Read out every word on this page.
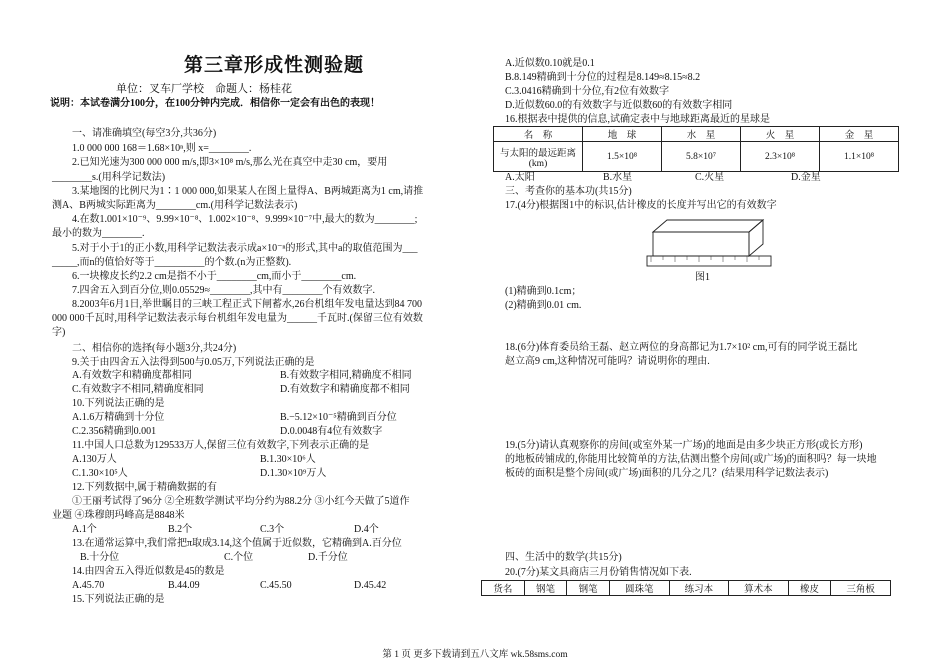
第三章形成性测验题
单位：叉车厂学校　命题人：杨桂花
说明：本试卷满分100分，在100分钟内完成．相信你一定会有出色的表现！
一、请准确填空(每空3分,共36分)
1.0 000 000 168＝1.68×10ⁿ,则 x=________.
2.已知光速为300 000 000 m/s,即3×10⁸ m/s,那么光在真空中走30 cm，要用
________s.(用科学记数法)
3.某地图的比例尺为1∶1 000 000,如果某人在图上量得A、B两城距离为1 cm,请推
测A、B两城实际距离为________cm.(用科学记数法表示)
4.在数1.001×10⁻⁹、9.99×10⁻⁸、1.002×10⁻⁸、9.999×10⁻⁷中,最大的数为________;
最小的数为________.
5.对于小于1的正小数,用科学记数法表示成a×10⁻ⁿ的形式,其中a的取值范围为___
_____,而n的值恰好等于__________的个数.(n为正整数).
6.一块橡皮长约2.2 cm是指不小于________cm,而小于________cm.
7.四舍五入到百分位,则0.05529≈________,其中有________个有效数字.
8.2003年6月1日,举世瞩目的三峡工程正式下闸蓄水,26台机组年发电量达到84 700
000 000千瓦时,用科学记数法表示每台机组年发电量为______千瓦时.(保留三位有效数
字)
二、相信你的选择(每小题3分,共24分)
9.关于由四舍五入法得到500与0.05万,下列说法正确的是
A.有效数字和精确度都相同	B.有效数字相同,精确度不相同
C.有效数字不相同,精确度相同	D.有效数字和精确度都不相同
10.下列说法正确的是
A.1.6万精确到十分位	B.−5.12×10⁻⁵精确到百分位
C.2.356精确到0.001	D.0.0048有4位有效数字
11.中国人口总数为129533万人,保留三位有效数字,下列表示正确的是
A.130万人	B.1.30×10⁶人
C.1.30×10⁵人	D.1.30×10⁹万人
12.下列数据中,属于精确数据的有
①王丽考试得了96分 ②全班数学测试平均分约为88.2分 ③小红今天做了5道作
业题 ④珠穆朗玛峰高是8848米
A.1个	B.2个	C.3个	D.4个
13.在通常运算中,我们常把π取成3.14,这个值属于近似数，它精确到A.百分位
B.十分位	C.个位	D.千分位
14.由四舍五入得近似数是45的数是
A.45.70	B.44.09	C.45.50	D.45.42
15.下列说法正确的是
A.近似数0.10就是0.1
B.8.149精确到十分位的过程是8.149≈8.15≈8.2
C.3.0416精确到十分位,有2位有效数字
D.近似数60.0的有效数字与近似数60的有效数字相同
16.根据表中提供的信息,试确定表中与地球距离最近的星球是
名　称	地　球	水　星	火　星	金　星
与太阳的最远距离(km)	1.5×10⁸	5.8×10⁷	2.3×10⁸	1.1×10⁸
A.太阳	B.水星	C.火星	D.金星
三、考查你的基本功(共15分)
17.(4分)根据图1中的标识,估计橡皮的长度并写出它的有效数字
图1
(1)精确到0.1cm；
(2)精确到0.01 cm.
18.(6分)体育委员给王磊、赵立两位的身高都记为1.7×10² cm,可有的同学说王磊比
赵立高9 cm,这种情况可能吗？请说明你的理由.
19.(5分)请认真观察你的房间(或室外某一广场)的地面是由多少块正方形(或长方形)
的地板砖铺成的,你能用比较简单的方法,估测出整个房间(或广场)的面积吗？每一块地
板砖的面积是整个房间(或广场)面积的几分之几？(结果用科学记数法表示)
四、生活中的数学(共15分)
20.(7分)某文具商店三月份销售情况如下表.
货名	钢笔	钢笔	圆珠笔	练习本	算术本	橡皮	三角板
第 1 页 更多下载请到五八文库 wk.58sms.com
